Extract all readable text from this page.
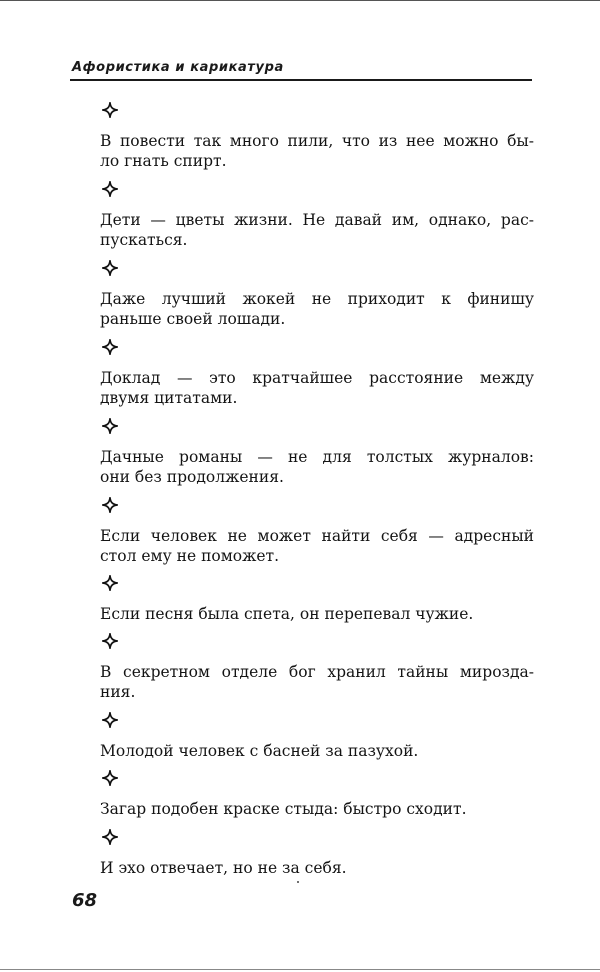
Афористика и карикатура
В повести так много пили, что из нее можно бы-
ло гнать спирт.
Дети — цветы жизни. Не давай им, однако, рас-
пускаться.
Даже лучший жокей не приходит к финишу
раньше своей лошади.
Доклад — это кратчайшее расстояние между
двумя цитатами.
Дачные романы — не для толстых журналов:
они без продолжения.
Если человек не может найти себя — адресный
стол ему не поможет.
Если песня была спета, он перепевал чужие.
В секретном отделе бог хранил тайны мирозда-
ния.
Молодой человек с басней за пазухой.
Загар подобен краске стыда: быстро сходит.
И эхо отвечает, но не за себя.
68
